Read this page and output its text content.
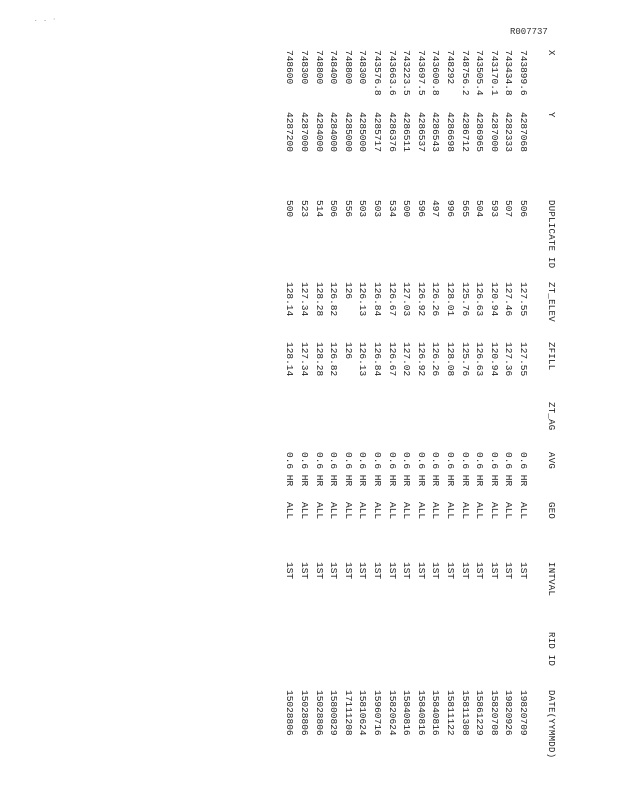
. . ·
R007737
X
Y
DUPLICATE ID
ZT_ELEV
ZFILL
ZT_AG
AVG
GEO
INTVAL
RID ID
DATE(YYMMDD)
743899.6
4287068
506
127.55
127.55
0.6 HR
ALL
1ST
19820709
743434.8
4282333
507
127.46
127.36
0.6 HR
ALL
1ST
19820926
743170.1
4287000
593
120.94
120.94
0.6 HR
ALL
1ST
15820708
743505.4
4286965
504
126.63
126.63
0.6 HR
ALL
1ST
15861229
748756.2
4286712
565
125.76
125.76
0.6 HR
ALL
1ST
15811308
748292
4286698
996
128.01
128.08
0.6 HR
ALL
1ST
15811122
743600.8
4286543
497
126.26
126.26
0.6 HR
ALL
1ST
15840816
743697.5
4286537
596
126.92
126.92
0.6 HR
ALL
1ST
15840816
743223.5
4286511
500
127.03
127.02
0.6 HR
ALL
1ST
15840816
743663.6
4286376
534
126.67
126.67
0.6 HR
ALL
1ST
15820624
743576.8
4285717
503
126.84
126.84
0.6 HR
ALL
1ST
15960716
748300
4285000
503
126.13
126.13
0.6 HR
ALL
1ST
15810624
748800
4285000
556
126
126
0.6 HR
ALL
1ST
17111208
748400
4284000
506
126.82
126.82
0.6 HR
ALL
1ST
15800829
748800
4284000
514
128.28
128.28
0.6 HR
ALL
1ST
15028806
748300
4287000
523
127.34
127.34
0.6 HR
ALL
1ST
15028806
748600
4287200
500
128.14
128.14
0.6 HR
ALL
1ST
15028806
